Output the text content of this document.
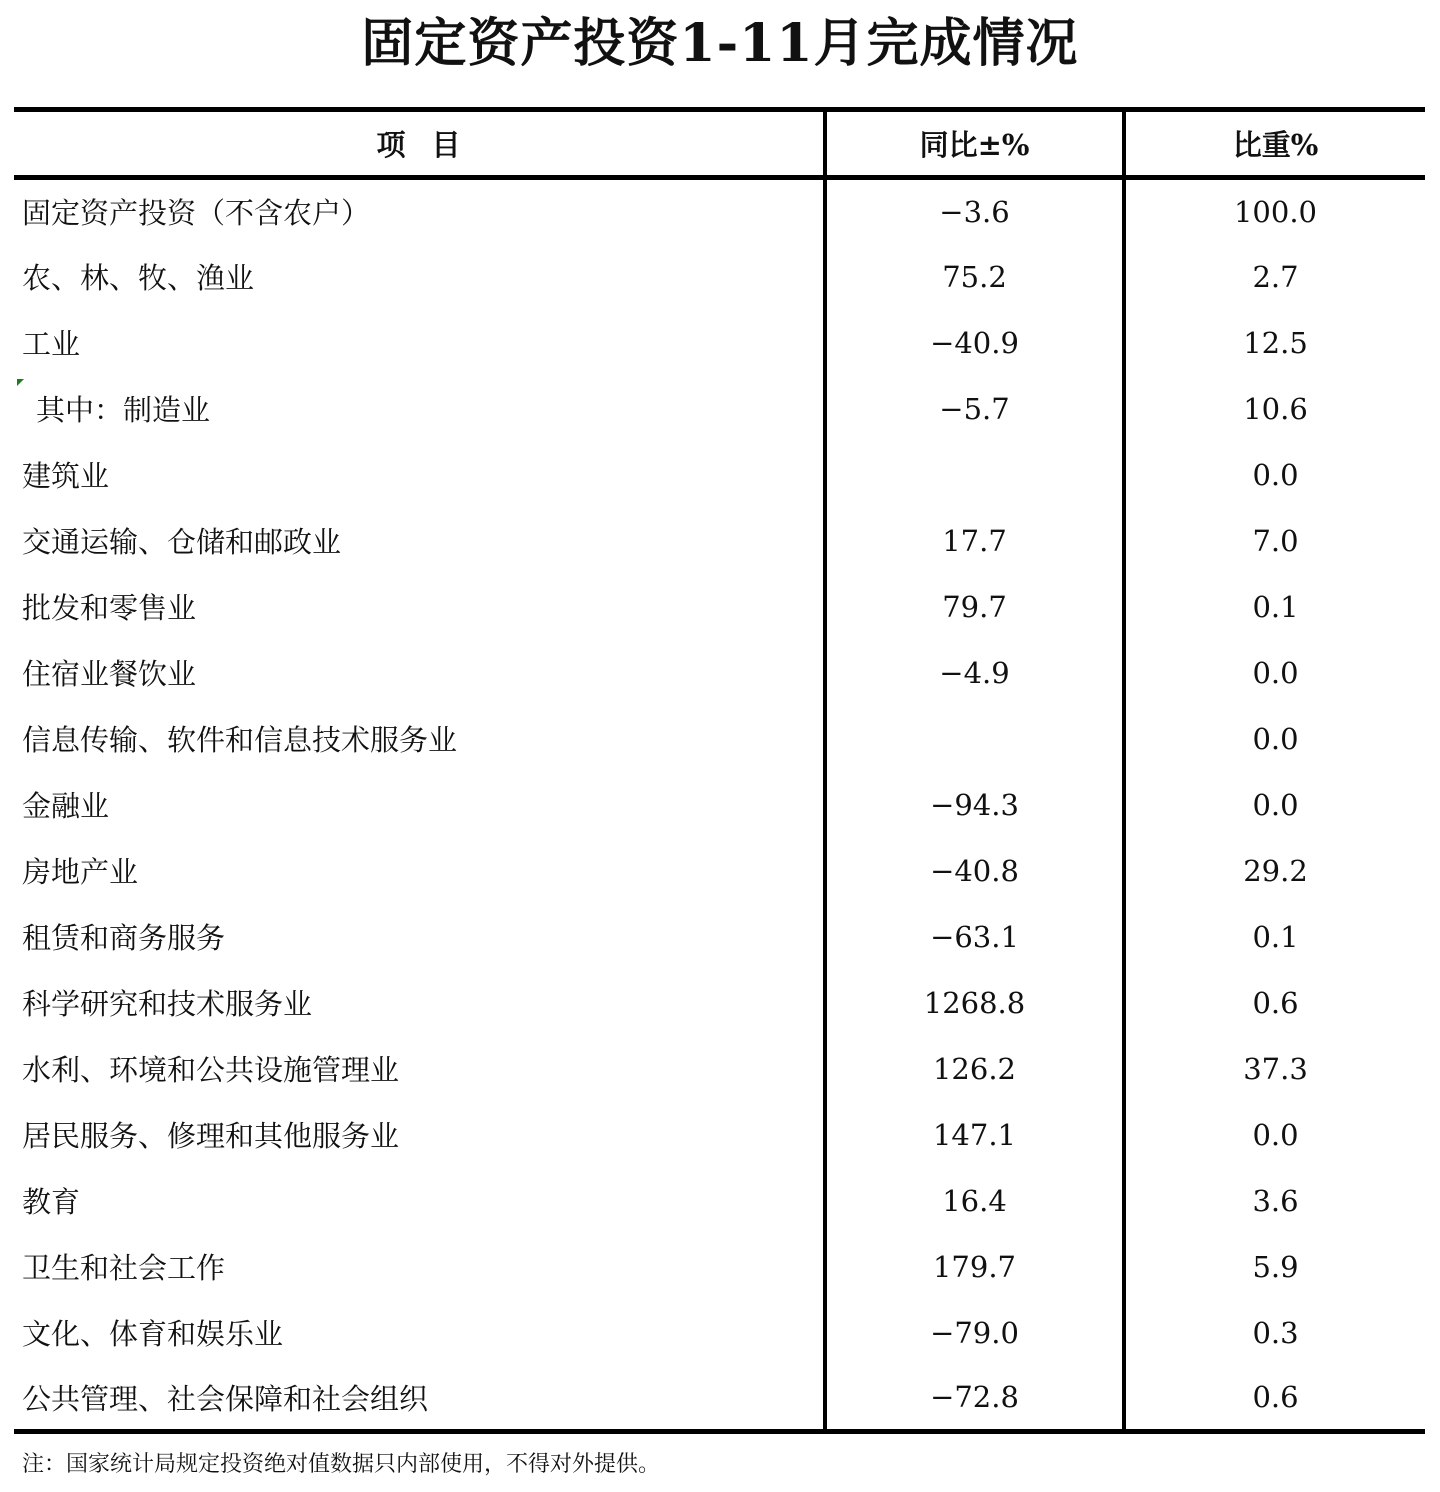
固定资产投资1-11月完成情况
项目	同比±%	比重%
固定资产投资（不含农户）	−3.6	100.0
农、林、牧、渔业	75.2	2.7
工业	−40.9	12.5

其中：制造业	−5.7	10.6
建筑业		0.0
交通运输、仓储和邮政业	17.7	7.0
批发和零售业	79.7	0.1
住宿业餐饮业	−4.9	0.0
信息传输、软件和信息技术服务业		0.0
金融业	−94.3	0.0
房地产业	−40.8	29.2
租赁和商务服务	−63.1	0.1
科学研究和技术服务业	1268.8	0.6
水利、环境和公共设施管理业	126.2	37.3
居民服务、修理和其他服务业	147.1	0.0
教育	16.4	3.6
卫生和社会工作	179.7	5.9
文化、体育和娱乐业	−79.0	0.3
公共管理、社会保障和社会组织	−72.8	0.6
注：国家统计局规定投资绝对值数据只内部使用，不得对外提供。
